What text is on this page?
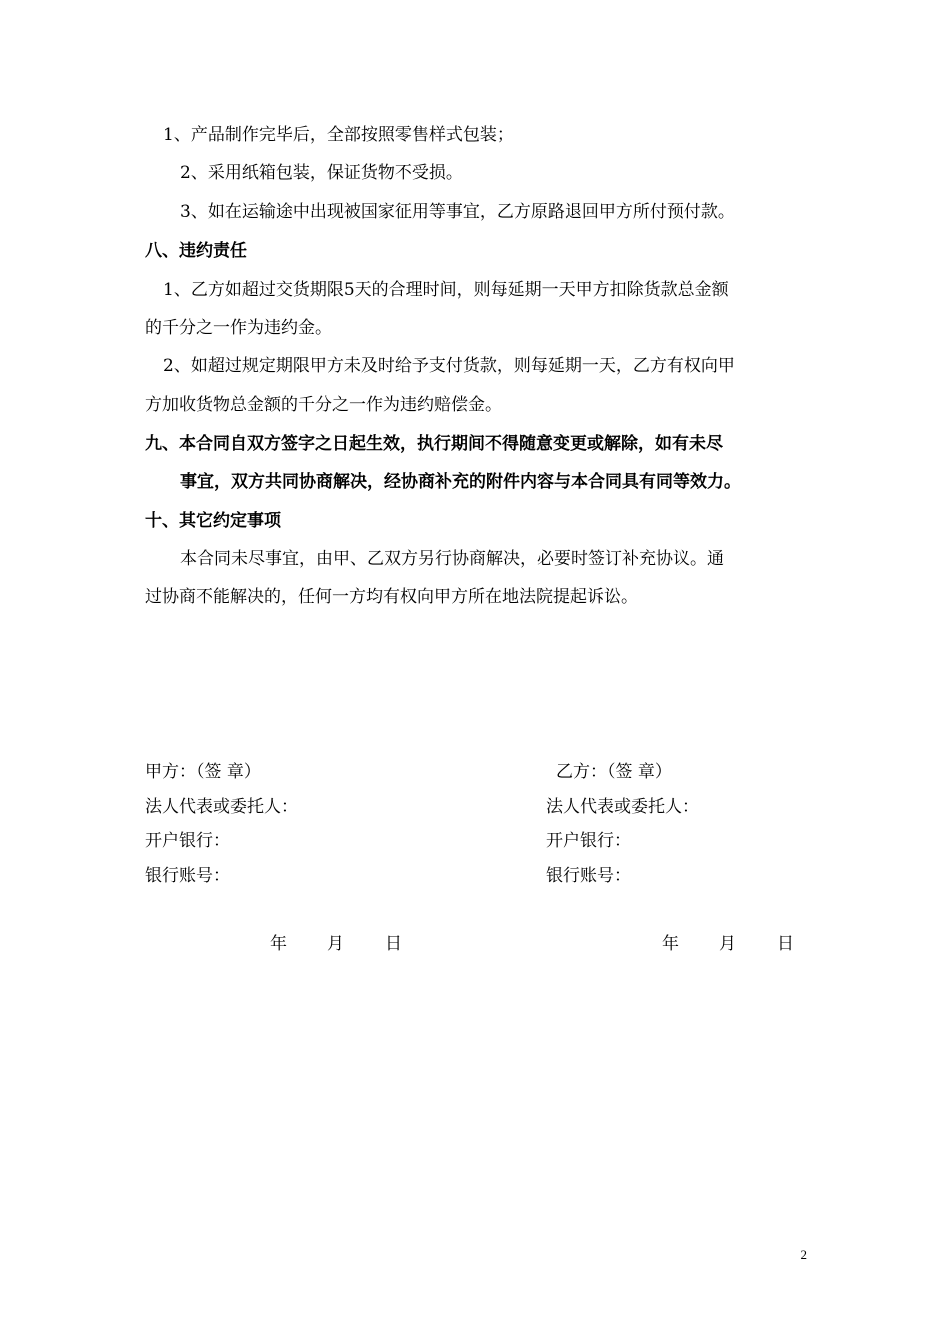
1、产品制作完毕后，全部按照零售样式包装；
2、采用纸箱包装，保证货物不受损。
3、如在运输途中出现被国家征用等事宜，乙方原路退回甲方所付预付款。
八、违约责任
1、乙方如超过交货期限5天的合理时间，则每延期一天甲方扣除货款总金额
的千分之一作为违约金。
2、如超过规定期限甲方未及时给予支付货款，则每延期一天，乙方有权向甲
方加收货物总金额的千分之一作为违约赔偿金。
九、本合同自双方签字之日起生效，执行期间不得随意变更或解除，如有未尽
事宜，双方共同协商解决，经协商补充的附件内容与本合同具有同等效力。
十、其它约定事项
本合同未尽事宜，由甲、乙双方另行协商解决，必要时签订补充协议。通
过协商不能解决的，任何一方均有权向甲方所在地法院提起诉讼。
甲方：（签 章）
法人代表或委托人：
开户银行：
银行账号：
乙方：（签 章）
法人代表或委托人：
开户银行：
银行账号：
年 月 日	年 月 日
2
